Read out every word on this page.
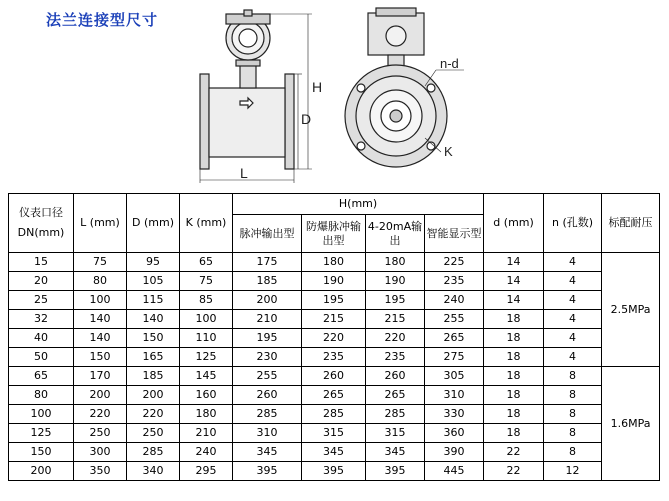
法兰连接型尺寸
H
D
L
n-d
K
仪表口径 DN(mm)	L (mm)	D (mm)	K (mm)	H(mm)				d (mm)	n (孔数)	标配耐压
				脉冲输出型	防爆脉冲输出型	4-20mA输出	智能显示型			
15	75	95	65	175	180	180	225	14	4	2.5MPa
20	80	105	75	185	190	190	235	14	4	
25	100	115	85	200	195	195	240	14	4	
32	140	140	100	210	215	215	255	18	4	
40	140	150	110	195	220	220	265	18	4	
50	150	165	125	230	235	235	275	18	4	
65	170	185	145	255	260	260	305	18	8	1.6MPa
80	200	200	160	260	265	265	310	18	8	
100	220	220	180	285	285	285	330	18	8	
125	250	250	210	310	315	315	360	18	8	
150	300	285	240	345	345	345	390	22	8	
200	350	340	295	395	395	395	445	22	12	
